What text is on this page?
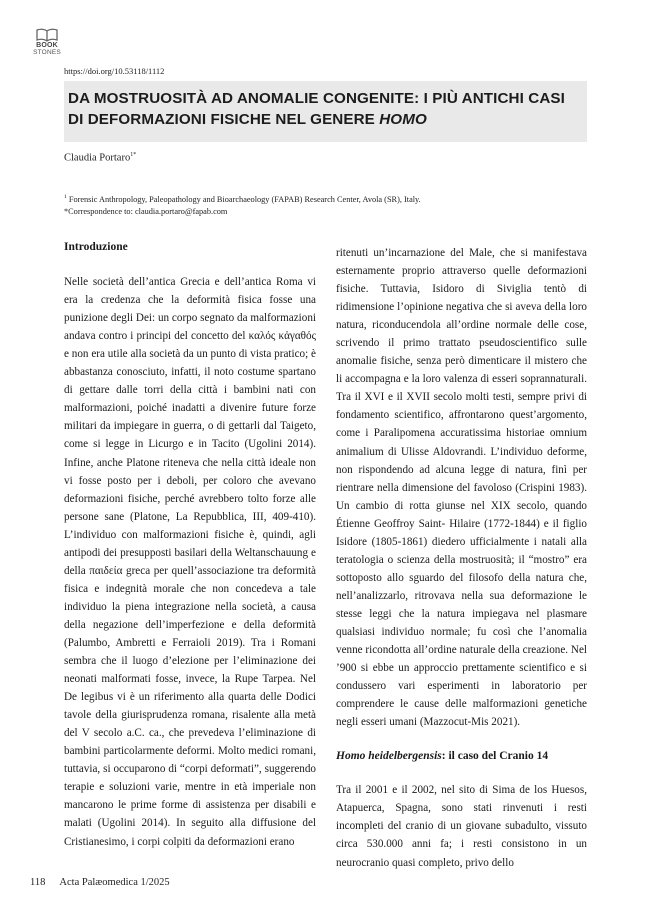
BOOK
STONES
https://doi.org/10.53118/1112
DA MOSTRUOSITÀ AD ANOMALIE CONGENITE: I PIÙ ANTICHI CASI DI DEFORMAZIONI FISICHE NEL GENERE HOMO
Claudia Portaro$^{1*}$
$^1$ Forensic Anthropology, Paleopathology and Bioarchaeology (FAPAB) Research Center, Avola (SR), Italy.
*Correspondence to: claudia.portaro@fapab.com

Introduzione

Nelle società dell’antica Grecia e dell’antica Roma vi era la credenza che la deformità fisica fosse una punizione degli Dei: un corpo segnato da malformazioni andava contro i principi del concetto del καλός κἀγαθός e non era utile alla società da un punto di vista pratico; è abbastanza conosciuto, infatti, il noto costume spartano di gettare dalle torri della città i bambini nati con malformazioni, poiché inadatti a divenire future forze militari da impiegare in guerra, o di gettarli dal Taigeto, come si legge in Licurgo e in Tacito (Ugolini 2014). Infine, anche Platone riteneva che nella città ideale non vi fosse posto per i deboli, per coloro che avevano deformazioni fisiche, perché avrebbero tolto forze alle persone sane (Platone, La Repubblica, III, 409-410). L’individuo con malformazioni fisiche è, quindi, agli antipodi dei presupposti basilari della Weltanschauung e della παιδεία greca per quell’associazione tra deformità fisica e indegnità morale che non concedeva a tale individuo la piena integrazione nella società, a causa della negazione dell’imperfezione e della deformità (Palumbo, Ambretti e Ferraioli 2019). Tra i Romani sembra che il luogo d’elezione per l’eliminazione dei neonati malformati fosse, invece, la Rupe Tarpea. Nel De legibus vi è un riferimento alla quarta delle Dodici tavole della giurisprudenza romana, risalente alla metà del V secolo a.C. ca., che prevedeva l’eliminazione di bambini particolarmente deformi. Molto medici romani, tuttavia, si occuparono di “corpi deformati”, suggerendo terapie e soluzioni varie, mentre in età imperiale non mancarono le prime forme di assistenza per disabili e malati (Ugolini 2014). In seguito alla diffusione del Cristianesimo, i corpi colpiti da deformazioni erano

ritenuti un’incarnazione del Male, che si manifestava esternamente proprio attraverso quelle deformazioni fisiche. Tuttavia, Isidoro di Siviglia tentò di ridimensione l’opinione negativa che si aveva della loro natura, riconducendola all’ordine normale delle cose, scrivendo il primo trattato pseudoscientifico sulle anomalie fisiche, senza però dimenticare il mistero che li accompagna e la loro valenza di esseri soprannaturali. Tra il XVI e il XVII secolo molti testi, sempre privi di fondamento scientifico, affrontarono quest’argomento, come i Paralipomena accuratissima historiae omnium animalium di Ulisse Aldovrandi. L’individuo deforme, non rispondendo ad alcuna legge di natura, finì per rientrare nella dimensione del favoloso (Crispini 1983). Un cambio di rotta giunse nel XIX secolo, quando Étienne Geoffroy Saint- Hilaire (1772-1844) e il figlio Isidore (1805-1861) diedero ufficialmente i natali alla teratologia o scienza della mostruosità; il “mostro” era sottoposto allo sguardo del filosofo della natura che, nell’analizzarlo, ritrovava nella sua deformazione le stesse leggi che la natura impiegava nel plasmare qualsiasi individuo normale; fu così che l’anomalia venne ricondotta all’ordine naturale della creazione. Nel ’900 si ebbe un approccio prettamente scientifico e si condussero vari esperimenti in laboratorio per comprendere le cause delle malformazioni genetiche negli esseri umani (Mazzocut-Mis 2021).

Homo heidelbergensis: il caso del Cranio 14

Tra il 2001 e il 2002, nel sito di Sima de los Huesos, Atapuerca, Spagna, sono stati rinvenuti i resti incompleti del cranio di un giovane subadulto, vissuto circa 530.000 anni fa; i resti consistono in un neurocranio quasi completo, privo dello

118 Acta Palæomedica 1/2025
